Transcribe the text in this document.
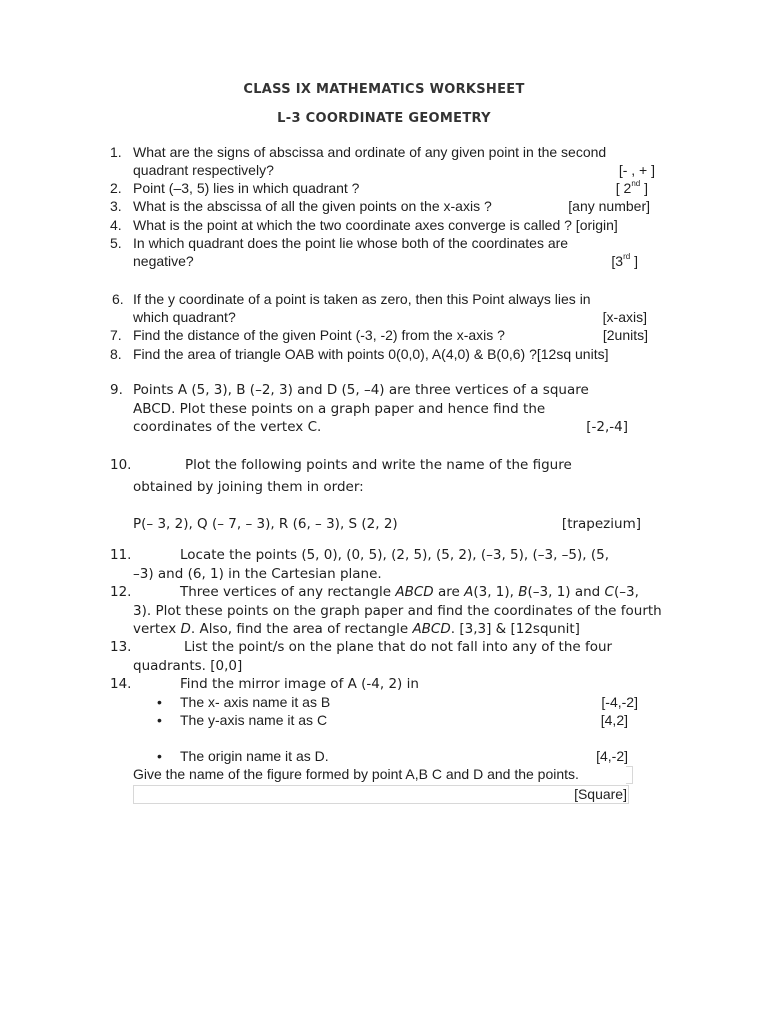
CLASS IX MATHEMATICS WORKSHEET
L-3 COORDINATE GEOMETRY
1. What are the signs of abscissa and ordinate of any given point in the second
quadrant respectively?	[- , + ]
2. Point (–3, 5) lies in which quadrant ?	[ 2nd ]
3. What is the abscissa of all the given points on the x-axis ?	[any number]
4. What is the point at which the two coordinate axes converge is called ? [origin]
5. In which quadrant does the point lie whose both of the coordinates are
negative?	[3rd ]
6. If the y coordinate of a point is taken as zero, then this Point always lies in
which quadrant?	[x-axis]
7. Find the distance of the given Point (-3, -2) from the x-axis ?	[2units]
8. Find the area of triangle OAB with points 0(0,0), A(4,0) & B(0,6) ?[12sq units]
9. Points A (5, 3), B (–2, 3) and D (5, –4) are three vertices of a square
ABCD. Plot these points on a graph paper and hence find the
coordinates of the vertex C.	[-2,-4]
10.	Plot the following points and write the name of the figure
obtained by joining them in order:
P(– 3, 2), Q (– 7, – 3), R (6, – 3), S (2, 2)	[trapezium]
11.	Locate the points (5, 0), (0, 5), (2, 5), (5, 2), (–3, 5), (–3, –5), (5,
–3) and (6, 1) in the Cartesian plane.
12.	Three vertices of any rectangle ABCD are A(3, 1), B(–3, 1) and C(–3,
3). Plot these points on the graph paper and find the coordinates of the fourth
vertex D. Also, find the area of rectangle ABCD. [3,3] & [12squnit]
13.	List the point/s on the plane that do not fall into any of the four
quadrants. [0,0]
14.	Find the mirror image of A (-4, 2) in
• The x- axis name it as B	[-4,-2]
• The y-axis name it as C	[4,2]
• The origin name it as D.	[4,-2]
Give the name of the figure formed by point A,B C and D and the points.
[Square]
